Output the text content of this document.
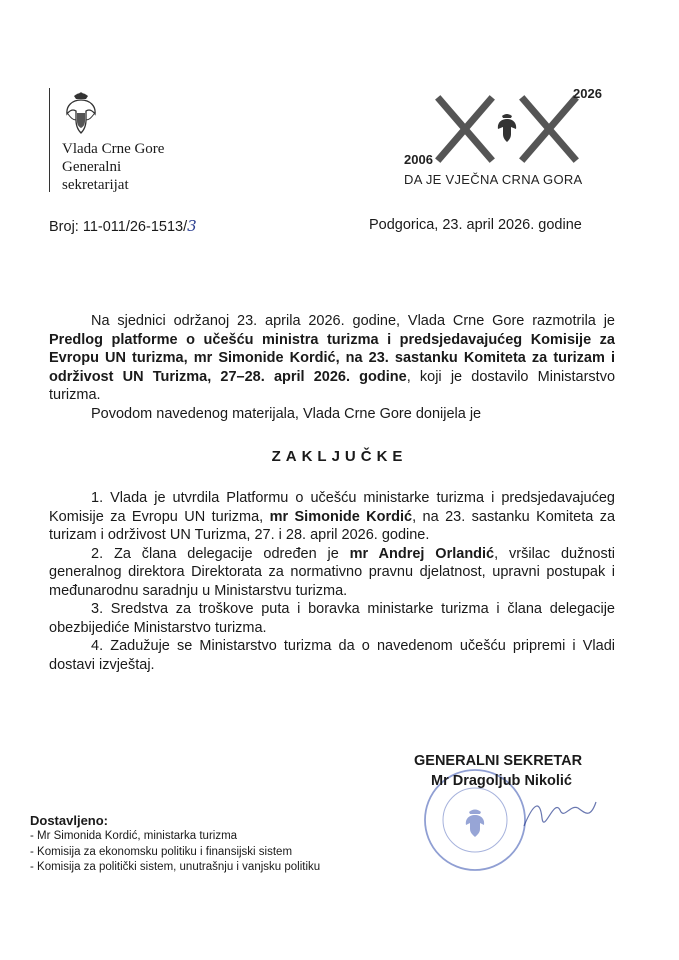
Vlada Crne Gore
Generalni
sekretarijat
2006
2026
DA JE VJEČNA CRNA GORA
Broj: 11-011/26-1513/3	Podgorica, 23. april 2026. godine

Na sjednici održanoj 23. aprila 2026. godine, Vlada Crne Gore razmotrila je Predlog platforme o učešću ministra turizma i predsjedavajućeg Komisije za Evropu UN turizma, mr Simonide Kordić, na 23. sastanku Komiteta za turizam i održivost UN Turizma, 27–28. april 2026. godine, koji je dostavilo Ministarstvo turizma.

Povodom navedenog materijala, Vlada Crne Gore donijela je

ZAKLJUČKE

1. Vlada je utvrdila Platformu o učešću ministarke turizma i predsjedavajućeg Komisije za Evropu UN turizma, mr Simonide Kordić, na 23. sastanku Komiteta za turizam i održivost UN Turizma, 27. i 28. april 2026. godine.

2. Za člana delegacije određen je mr Andrej Orlandić, vršilac dužnosti generalnog direktora Direktorata za normativno pravnu djelatnost, upravni postupak i međunarodnu saradnju u Ministarstvu turizma.

3. Sredstva za troškove puta i boravka ministarke turizma i člana delegacije obezbijediće Ministarstvo turizma.

4. Zadužuje se Ministarstvo turizma da o navedenom učešću pripremi i Vladi dostavi izvještaj.

GENERALNI SEKRETAR
Mr Dragoljub Nikolić
Dostavljeno:
- Mr Simonida Kordić, ministarka turizma
- Komisija za ekonomsku politiku i finansijski sistem
- Komisija za politički sistem, unutrašnju i vanjsku politiku
